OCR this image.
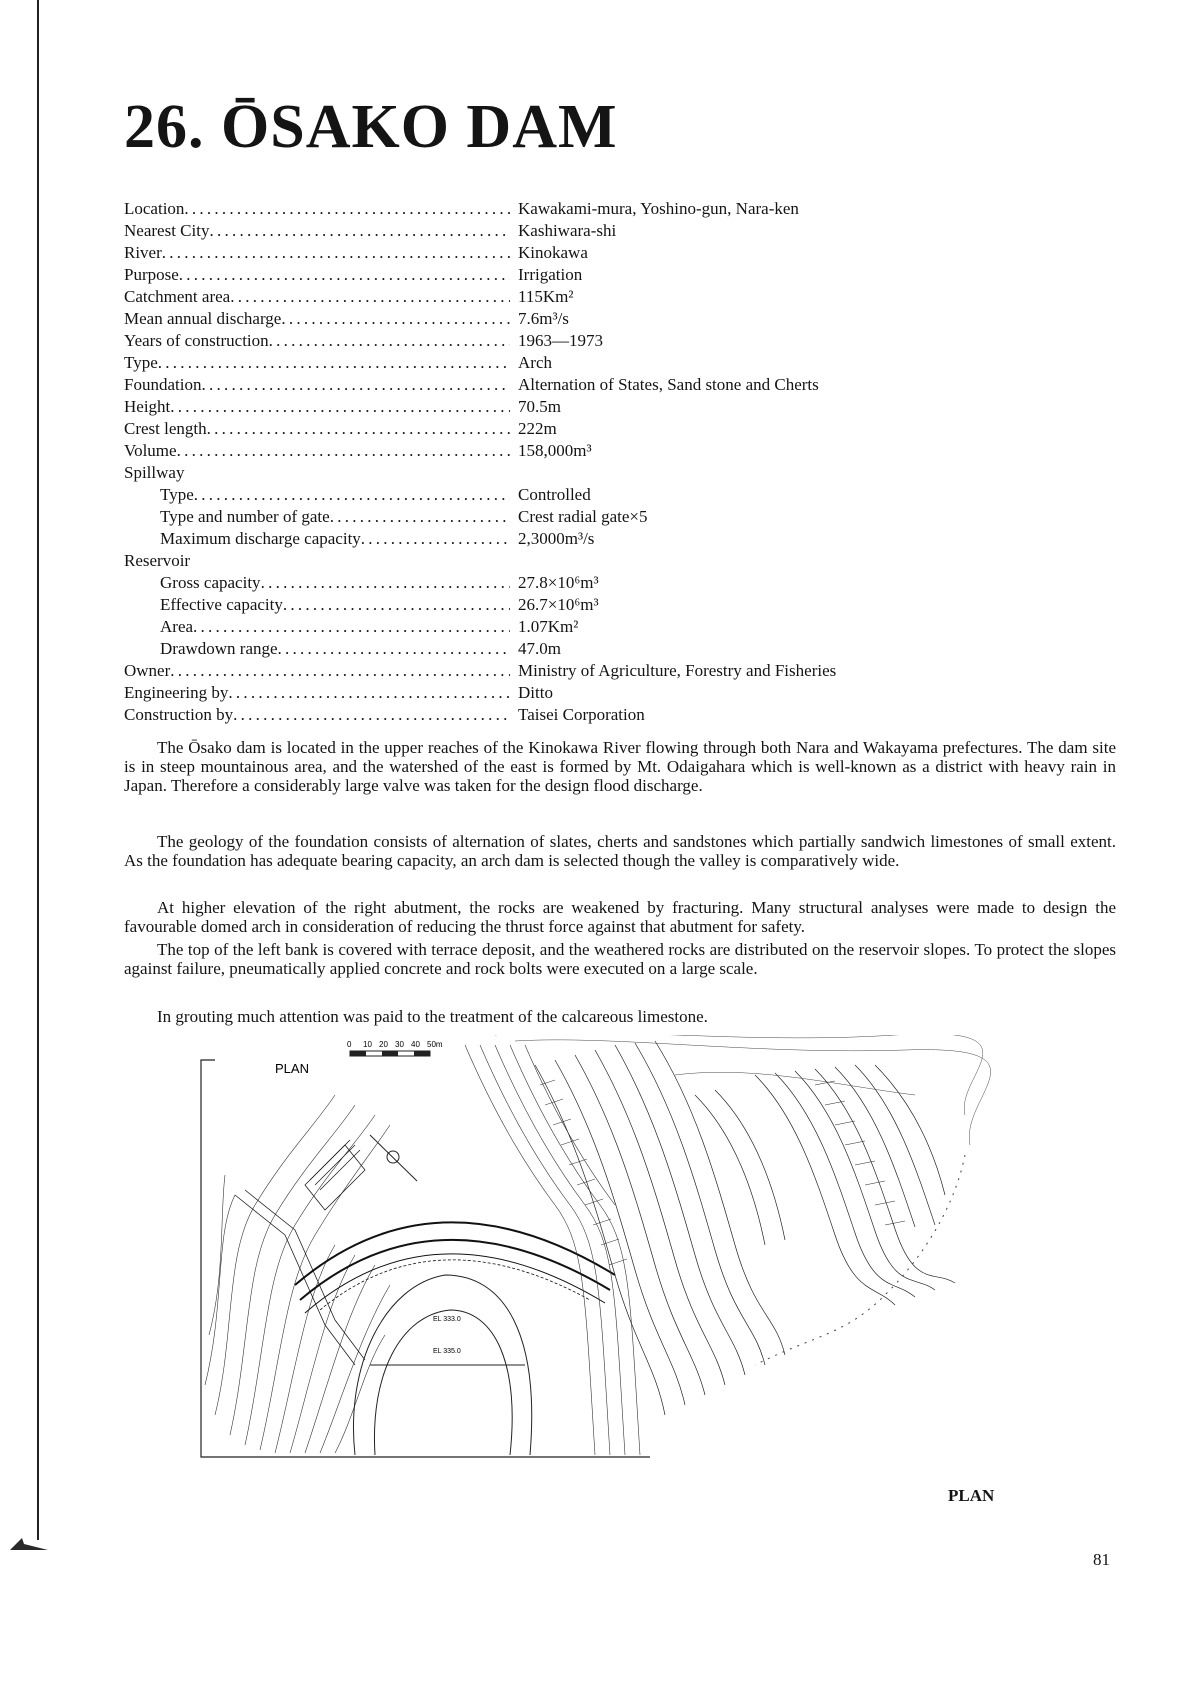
26. ŌSAKO DAM
Location . . .	Kawakami-mura, Yoshino-gun, Nara-ken
Nearest City . . .	Kashiwara-shi
River . . .	Kinokawa
Purpose . . .	Irrigation
Catchment area . . .	115Km²
Mean annual discharge . . .	7.6m³/s
Years of construction . . .	1963—1973
Type . . .	Arch
Foundation . . .	Alternation of States, Sand stone and Cherts
Height . . .	70.5m
Crest length . . .	222m
Volume . . .	158,000m³
Spillway
Type . . .	Controlled
Type and number of gate . . .	Crest radial gate×5
Maximum discharge capacity . . .	2,3000m³/s
Reservoir
Gross capacity . . .	27.8×10⁶m³
Effective capacity . . .	26.7×10⁶m³
Area . . .	1.07Km²
Drawdown range . . .	47.0m
Owner . . .	Ministry of Agriculture, Forestry and Fisheries
Engineering by . . .	Ditto
Construction by . . .	Taisei Corporation

The Ōsako dam is located in the upper reaches of the Kinokawa River flowing through both Nara and Wakayama prefectures. The dam site is in steep mountainous area, and the watershed of the east is formed by Mt. Odaigahara which is well-known as a district with heavy rain in Japan. Therefore a considerably large valve was taken for the design flood discharge.

The geology of the foundation consists of alternation of slates, cherts and sandstones which partially sandwich limestones of small extent. As the foundation has adequate bearing capacity, an arch dam is selected though the valley is comparatively wide.

At higher elevation of the right abutment, the rocks are weakened by fracturing. Many structural analyses were made to design the favourable domed arch in consideration of reducing the thrust force against that abutment for safety.

The top of the left bank is covered with terrace deposit, and the weathered rocks are distributed on the reservoir slopes. To protect the slopes against failure, pneumatically applied concrete and rock bolts were executed on a large scale.

In grouting much attention was paid to the treatment of the calcareous limestone.

PLAN
0 10 20 30 40 50m
EL 333.0
EL 335.0
PLAN
81
